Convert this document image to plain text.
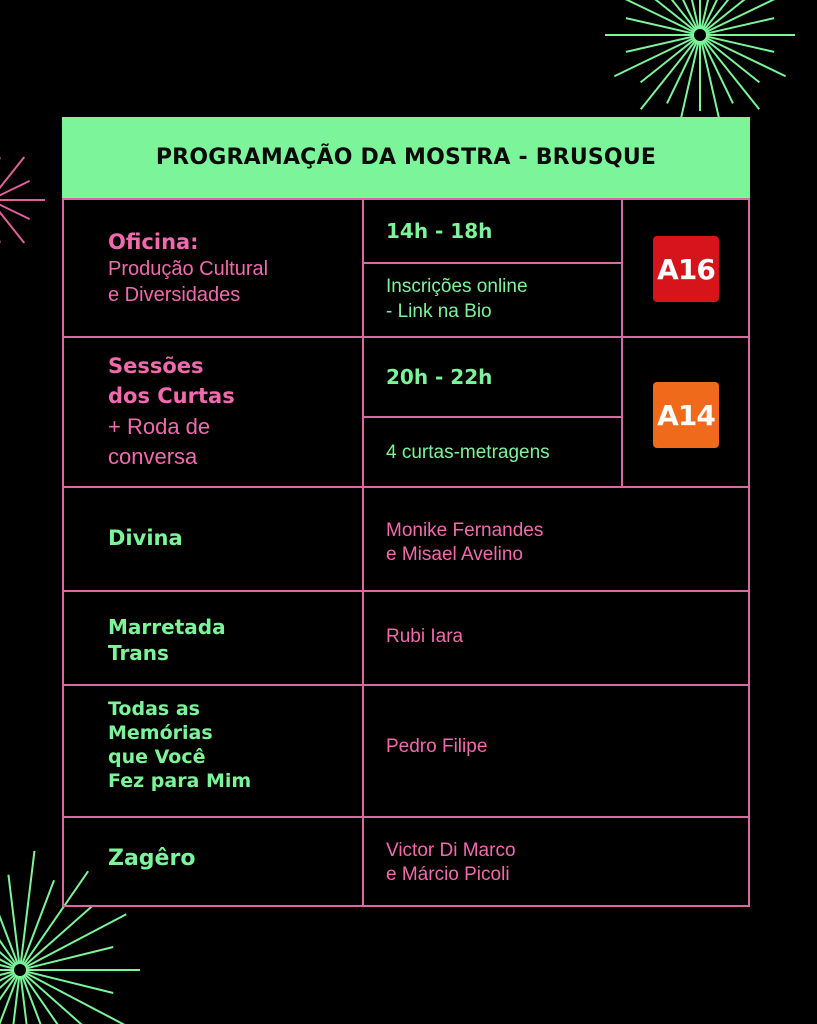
PROGRAMAÇÃO DA MOSTRA - BRUSQUE
Oficina:
Produção Cultural
e Diversidades
14h - 18h
Inscrições online
- Link na Bio
A16
Sessões
dos Curtas
+ Roda de
conversa
20h - 22h
4 curtas-metragens
A14
Divina	Monike Fernandes
e Misael Avelino
Marretada
Trans
Rubi Iara
Todas as
Memórias
que Você
Fez para Mim
Pedro Filipe
Zagêro	Victor Di Marco
e Márcio Picoli
